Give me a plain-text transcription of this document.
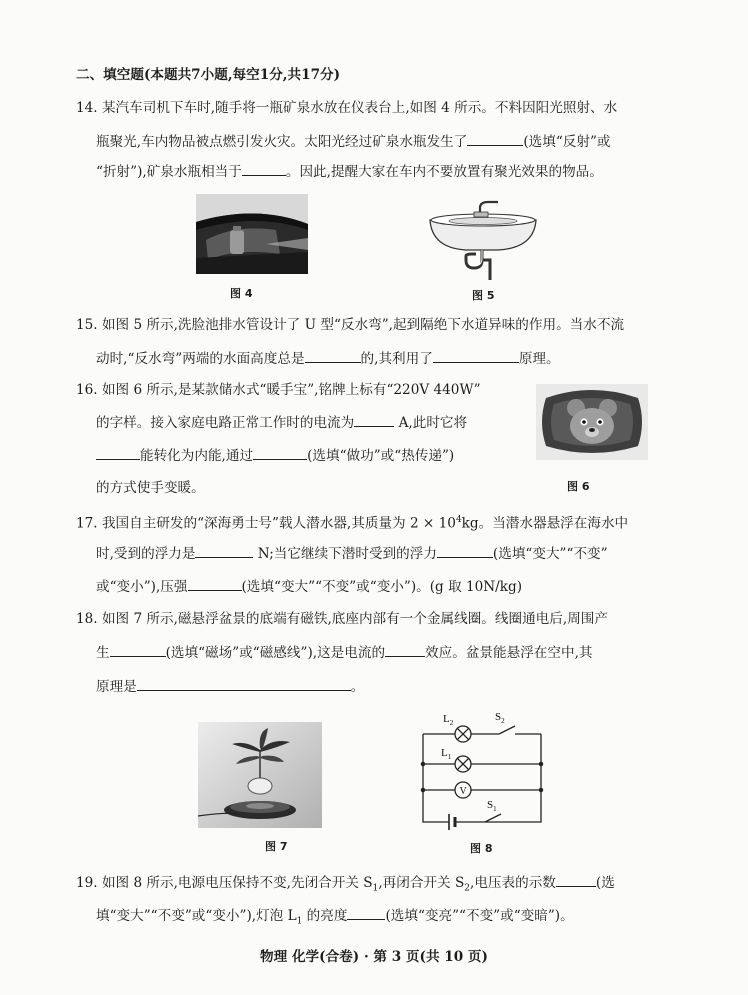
二、填空题(本题共7小题,每空1分,共17分)
14. 某汽车司机下车时,随手将一瓶矿泉水放在仪表台上,如图 4 所示。不料因阳光照射、水
瓶聚光,车内物品被点燃引发火灾。太阳光经过矿泉水瓶发生了	(选填“反射”或
“折射”),矿泉水瓶相当于	。因此,提醒大家在车内不要放置有聚光效果的物品。
图 4	图 5
15. 如图 5 所示,洗脸池排水管设计了 U 型“反水弯”,起到隔绝下水道异味的作用。当水不流
动时,“反水弯”两端的水面高度总是	的,其利用了	原理。
16. 如图 6 所示,是某款储水式“暖手宝”,铭牌上标有“220V 440W”
的字样。接入家庭电路正常工作时的电流为	A,此时它将
能转化为内能,通过	(选填“做功”或“热传递”)
的方式使手变暖。	图 6
17. 我国自主研发的“深海勇士号”载人潜水器,其质量为 $2 \times 10^4kg$。当潜水器悬浮在海水中
时,受到的浮力是	N;当它继续下潜时受到的浮力	(选填“变大”“不变”
或“变小”),压强	(选填“变大”“不变”或“变小”)。(g 取 10N/kg)
18. 如图 7 所示,磁悬浮盆景的底端有磁铁,底座内部有一个金属线圈。线圈通电后,周围产
生	(选填“磁场”或“磁感线”),这是电流的	效应。盆景能悬浮在空中,其
原理是	。
图 7
$L_2$	$S_2$
$L_1$
V
$S_1$
图 8
19. 如图 8 所示,电源电压保持不变,先闭合开关 $S_1$,再闭合开关 $S_2$,电压表的示数	(选
填“变大”“不变”或“变小”),灯泡 $L_1$ 的亮度	(选填“变亮”“不变”或“变暗”)。
物理 化学(合卷) · 第 3 页(共 10 页)
